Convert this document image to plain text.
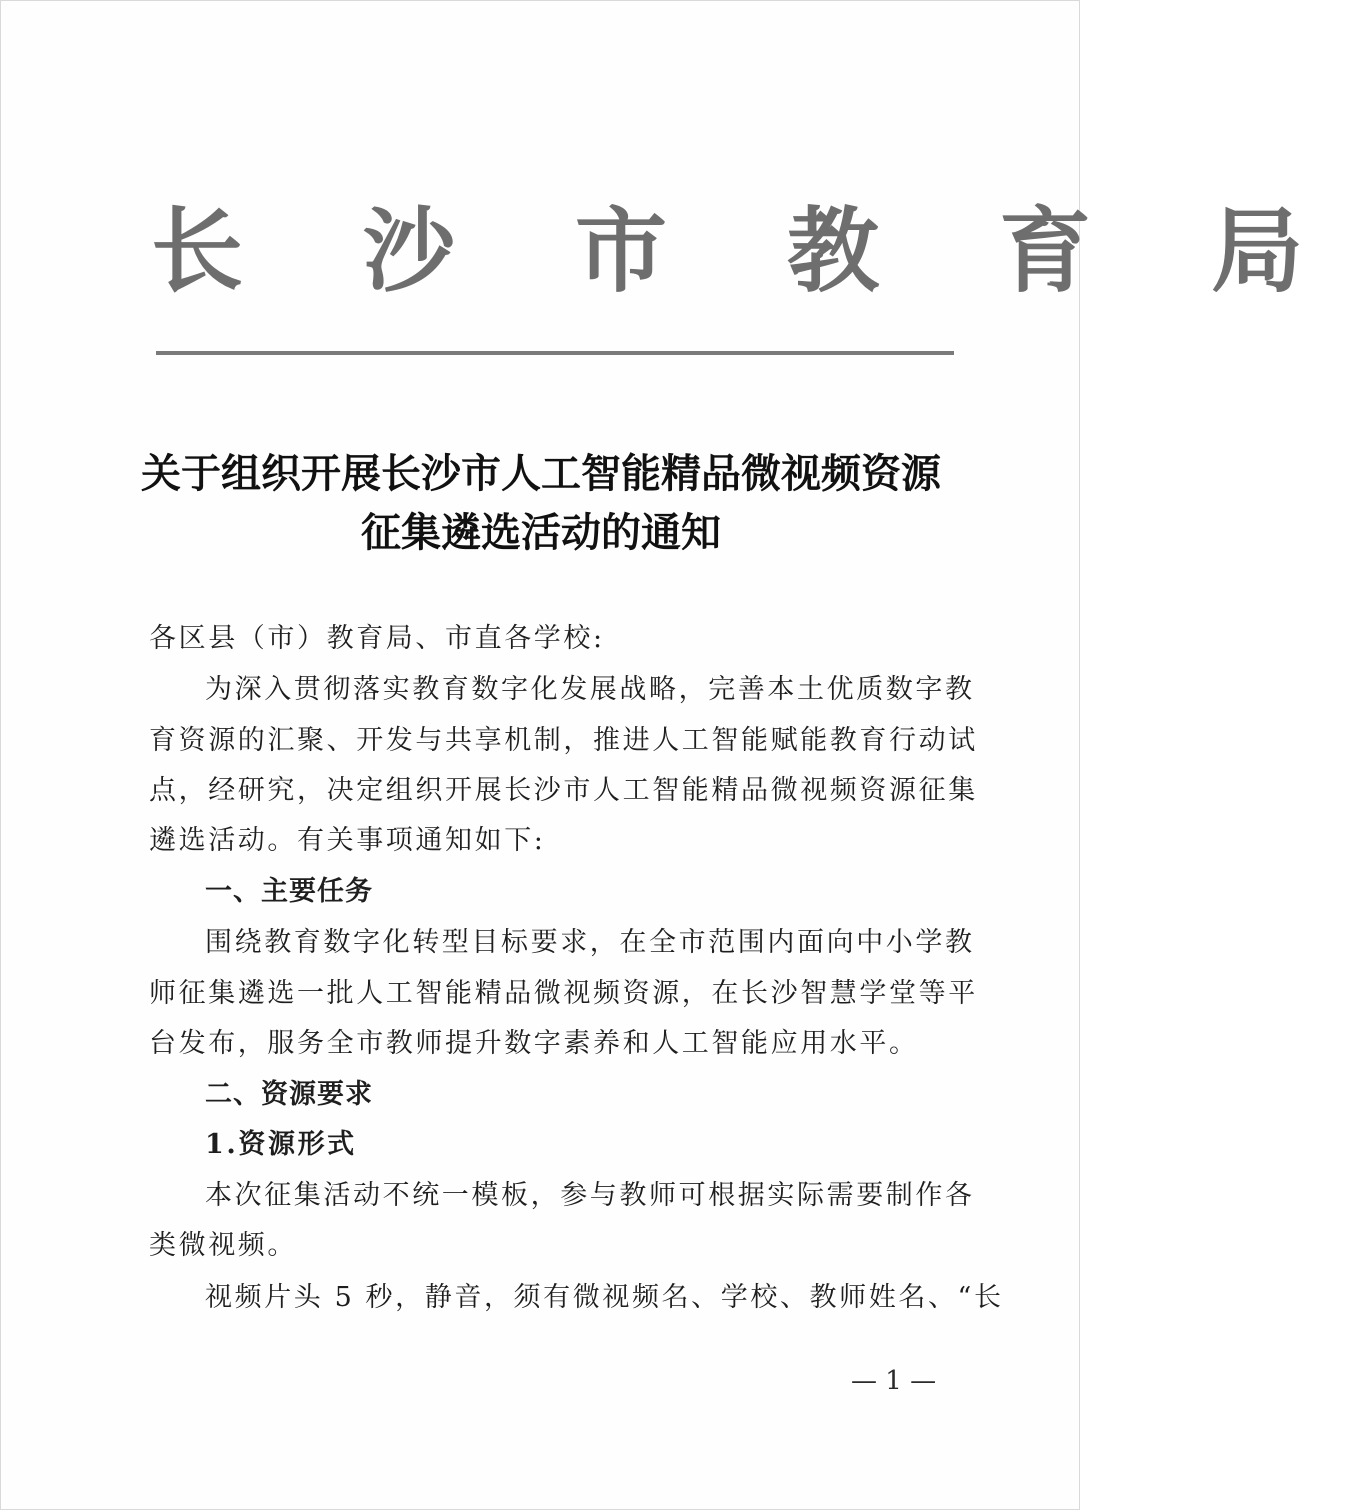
长 沙 市 教 育 局
关于组织开展长沙市人工智能精品微视频资源
征集遴选活动的通知
各区县（市）教育局、市直各学校:
为深入贯彻落实教育数字化发展战略，完善本土优质数字教
育资源的汇聚、开发与共享机制，推进人工智能赋能教育行动试
点，经研究，决定组织开展长沙市人工智能精品微视频资源征集
遴选活动。有关事项通知如下:
一、主要任务
围绕教育数字化转型目标要求，在全市范围内面向中小学教
师征集遴选一批人工智能精品微视频资源，在长沙智慧学堂等平
台发布，服务全市教师提升数字素养和人工智能应用水平。
二、资源要求
1.资源形式
本次征集活动不统一模板，参与教师可根据实际需要制作各
类微视频。
视频片头 5 秒，静音，须有微视频名、学校、教师姓名、“长
— 1 —
